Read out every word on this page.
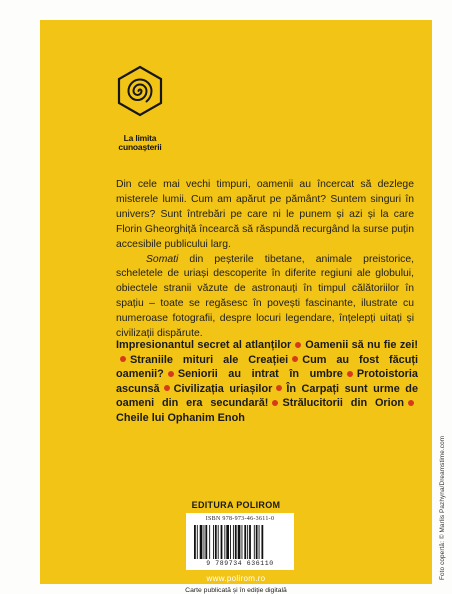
La limita
cunoașterii
Din cele mai vechi timpuri, oamenii au încercat să dezlege misterele lumii. Cum am apărut pe pământ? Suntem singuri în univers? Sunt întrebări pe care ni le punem și azi și la care Florin Gheorghiță încearcă să răspundă recurgând la surse puțin accesibile publicului larg.
Somati din peșterile tibetane, animale preistorice, scheletele de uriași descoperite în diferite regiuni ale globului, obiectele stranii văzute de astronauți în timpul călătoriilor în spațiu – toate se regăsesc în povești fascinante, ilustrate cu numeroase fotografii, despre locuri legendare, înțelepți uitați și civilizații dispărute.
Impresionantul secret al atlanților Oamenii să nu fie zei!Straniile mituri ale Creației Cum au fost făcuți oamenii? Seniorii au intrat în umbre Protoistoria ascunsă Civilizația uriașilor În Carpați sunt urme de oameni din era secundară! Strălucitorii din OrionCheile lui Ophanim Enoh
EDITURA POLIROM
ISBN 978-973-46-3611-0
9 789734 636110
www.polirom.ro
Carte publicată și în ediție digitală
Foto copertă: © Marlis Pazhyna/Dreamstime.com
